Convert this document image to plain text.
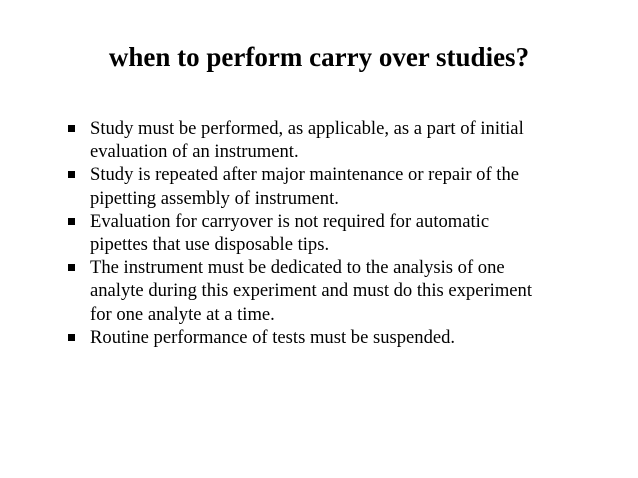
when to perform carry over studies?
Study must be performed, as applicable, as a part of initial
evaluation of an instrument.
Study is repeated after major maintenance or repair of the
pipetting assembly of instrument.
Evaluation for carryover is not required for automatic
pipettes that use disposable tips.
The instrument must be dedicated to the analysis of one
analyte during this experiment and must do this experiment
for one analyte at a time.
Routine performance of tests must be suspended.
